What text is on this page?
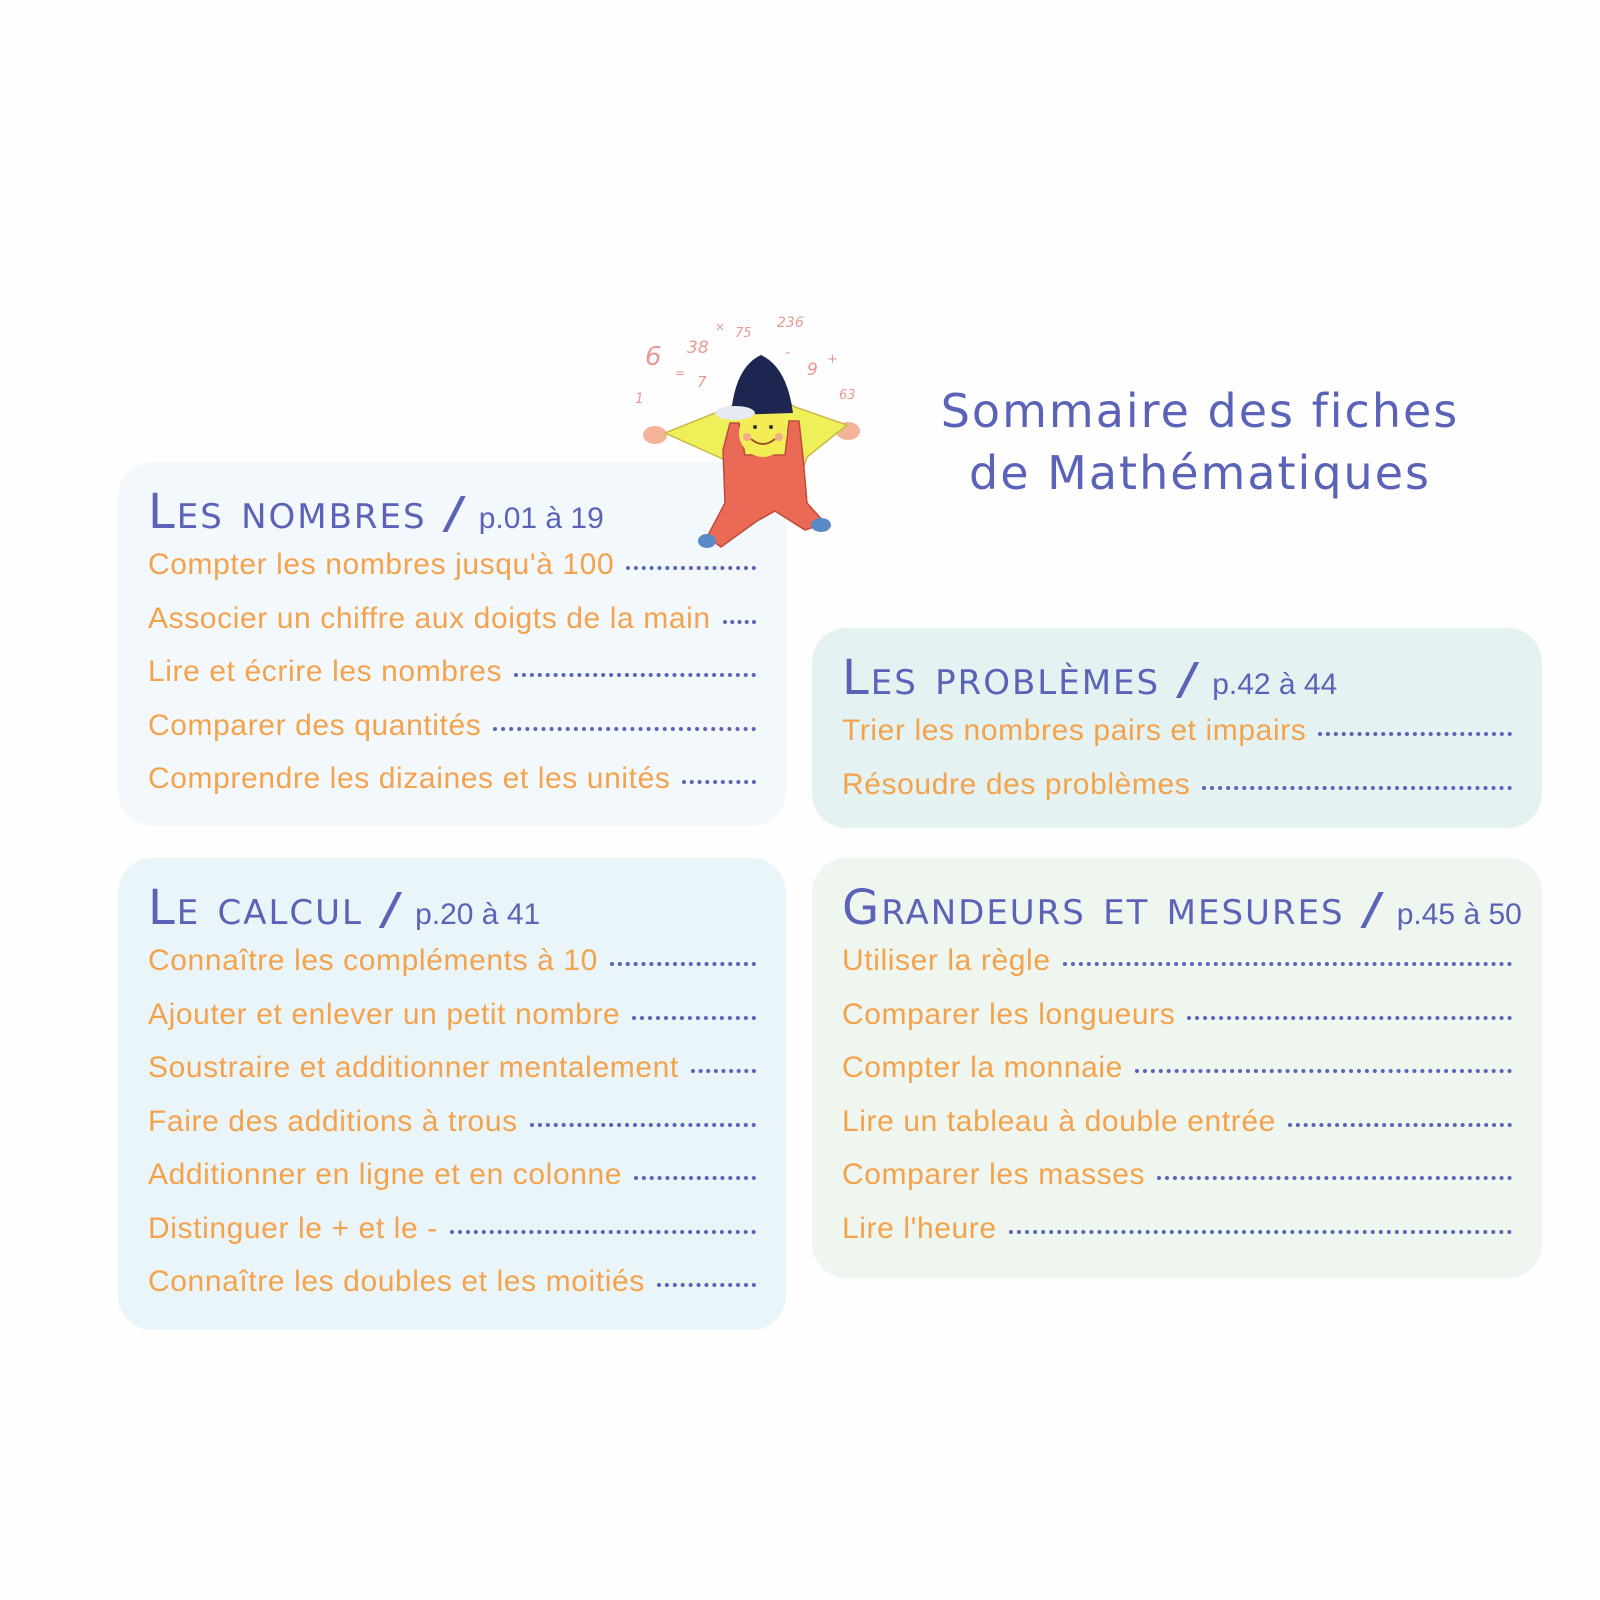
Sommaire des fiches
de Mathématiques
6 38
× 75
236
7
9
+
63
=
-
1
Les nombres / p.01 à 19
Compter les nombres jusqu'à 100
Associer un chiffre aux doigts de la main
Lire et écrire les nombres
Comparer des quantités
Comprendre les dizaines et les unités
Les problèmes / p.42 à 44
Trier les nombres pairs et impairs
Résoudre des problèmes
Le calcul / p.20 à 41
Connaître les compléments à 10
Ajouter et enlever un petit nombre
Soustraire et additionner mentalement
Faire des additions à trous
Additionner en ligne et en colonne
Distinguer le + et le -
Connaître les doubles et les moitiés
Grandeurs et mesures / p.45 à 50
Utiliser la règle
Comparer les longueurs
Compter la monnaie
Lire un tableau à double entrée
Comparer les masses
Lire l'heure
